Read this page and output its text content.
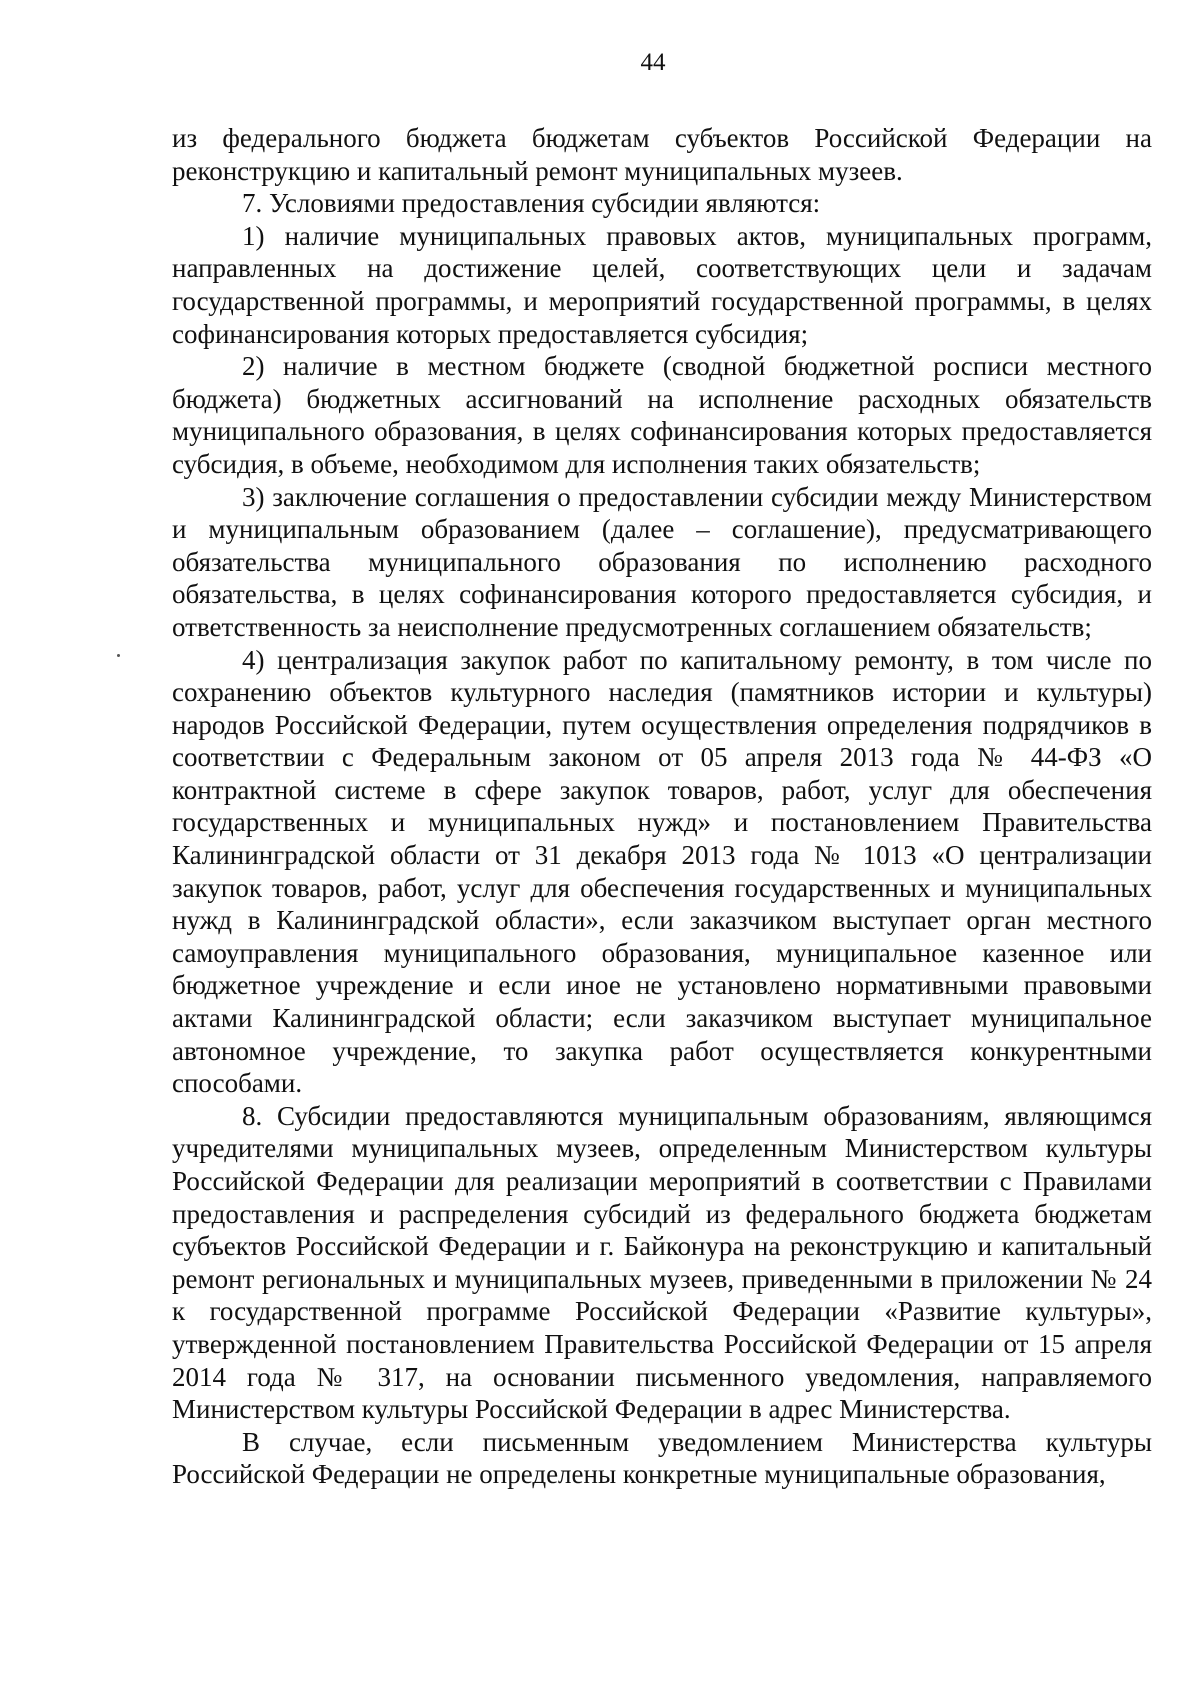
44

из федерального бюджета бюджетам субъектов Российской Федерации на реконструкцию и капитальный ремонт муниципальных музеев.

7. Условиями предоставления субсидии являются:

1) наличие муниципальных правовых актов, муниципальных программ, направленных на достижение целей, соответствующих цели и задачам государственной программы, и мероприятий государственной программы, в целях софинансирования которых предоставляется субсидия;

2) наличие в местном бюджете (сводной бюджетной росписи местного бюджета) бюджетных ассигнований на исполнение расходных обязательств муниципального образования, в целях софинансирования которых предоставляется субсидия, в объеме, необходимом для исполнения таких обязательств;

3) заключение соглашения о предоставлении субсидии между Министерством и муниципальным образованием (далее – соглашение), предусматривающего обязательства муниципального образования по исполнению расходного обязательства, в целях софинансирования которого предоставляется субсидия, и ответственность за неисполнение предусмотренных соглашением обязательств;

4) централизация закупок работ по капитальному ремонту, в том числе по сохранению объектов культурного наследия (памятников истории и культуры) народов Российской Федерации, путем осуществления определения подрядчиков в соответствии с Федеральным законом от 05 апреля 2013 года № 44-ФЗ «О контрактной системе в сфере закупок товаров, работ, услуг для обеспечения государственных и муниципальных нужд» и постановлением Правительства Калининградской области от 31 декабря 2013 года № 1013 «О централизации закупок товаров, работ, услуг для обеспечения государственных и муниципальных нужд в Калининградской области», если заказчиком выступает орган местного самоуправления муниципального образования, муниципальное казенное или бюджетное учреждение и если иное не установлено нормативными правовыми актами Калининградской области; если заказчиком выступает муниципальное автономное учреждение, то закупка работ осуществляется конкурентными способами.

8. Субсидии предоставляются муниципальным образованиям, являющимся учредителями муниципальных музеев, определенным Министерством культуры Российской Федерации для реализации мероприятий в соответствии с Правилами предоставления и распределения субсидий из федерального бюджета бюджетам субъектов Российской Федерации и г. Байконура на реконструкцию и капитальный ремонт региональных и муниципальных музеев, приведенными в приложении № 24 к государственной программе Российской Федерации «Развитие культуры», утвержденной постановлением Правительства Российской Федерации от 15 апреля 2014 года № 317, на основании письменного уведомления, направляемого Министерством культуры Российской Федерации в адрес Министерства.

В случае, если письменным уведомлением Министерства культуры Российской Федерации не определены конкретные муниципальные образования,
